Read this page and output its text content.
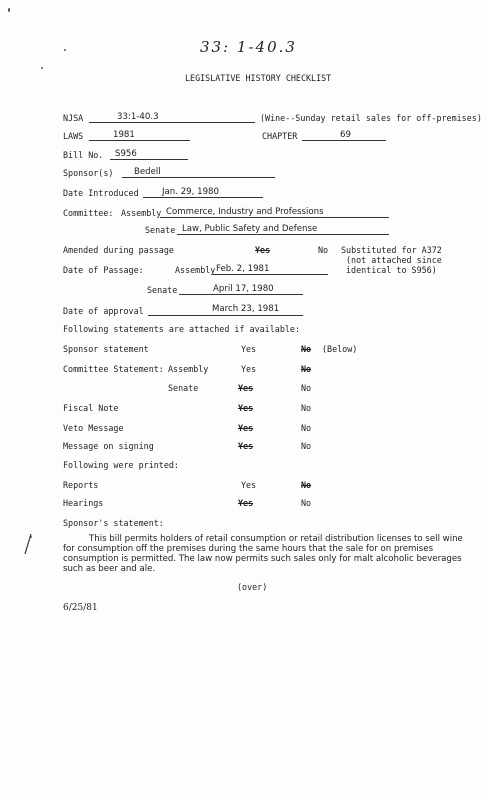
33: 1-40.3
LEGISLATIVE HISTORY CHECKLIST
NJSA	33:1-40.3	(Wine--Sunday retail sales for off-premises)
LAWS	1981	CHAPTER	69
Bill No. S956
Sponsor(s) Bedell
Date Introduced	Jan. 29, 1980
Committee: Assembly Commerce, Industry and Professions
Senate Law, Public Safety and Defense
Amended during passage	Yes	No Substituted for A372
(not attached since
identical to S956)
Date of Passage:	Assembly Feb. 2, 1981
Senate	April 17, 1980
Date of approval	March 23, 1981
Following statements are attached if available:
Sponsor statement	Yes	No (Below)
Committee Statement: Assembly	Yes	No
Senate	Yes	No
Fiscal Note	Yes	No
Veto Message	Yes	No
Message on signing	Yes	No
Following were printed:
Reports	Yes	No
Hearings	Yes	No
Sponsor's statement:
This bill permits holders of retail consumption or retail distribution licenses to sell wine for consumption off the premises during the same hours that the sale for on premises consumption is permitted. The law now permits such sales only for malt alcoholic beverages such as beer and ale.
(over)
6/25/81
